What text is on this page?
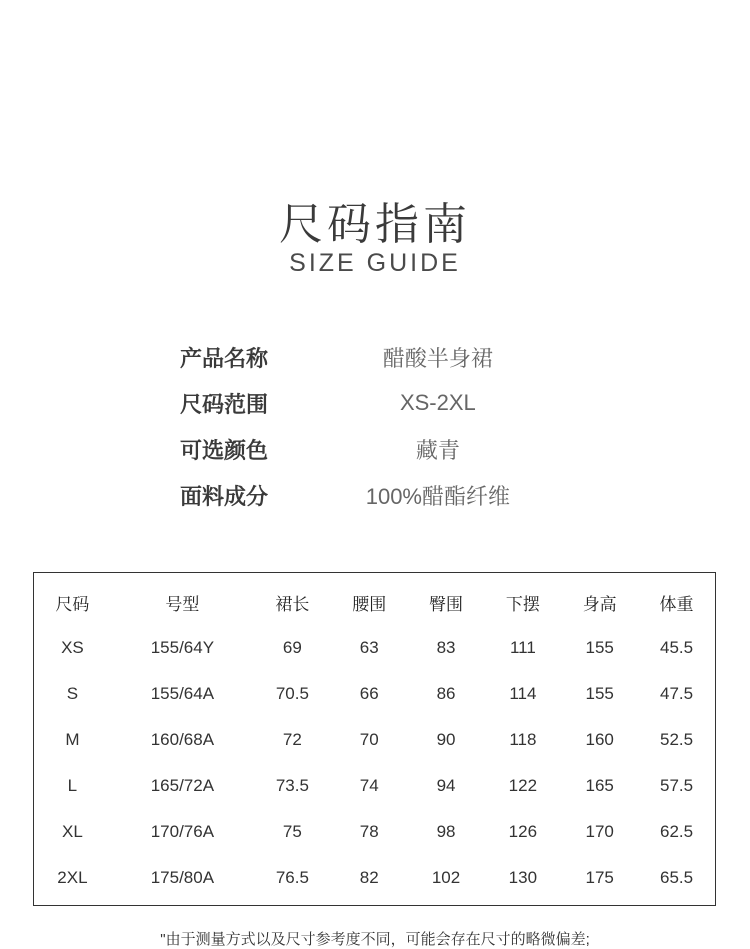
尺码指南
SIZE GUIDE
产品名称	醋酸半身裙
尺码范围	XS-2XL
可选颜色	藏青
面料成分	100%醋酯纤维
尺码	号型	裙长	腰围	臀围	下摆	身高	体重
XS	155/64Y	69	63	83	111	155	45.5
S	155/64A	70.5	66	86	114	155	47.5
M	160/68A	72	70	90	118	160	52.5
L	165/72A	73.5	74	94	122	165	57.5
XL	170/76A	75	78	98	126	170	62.5
2XL	175/80A	76.5	82	102	130	175	65.5
"由于测量方式以及尺寸参考度不同，可能会存在尺寸的略微偏差;
